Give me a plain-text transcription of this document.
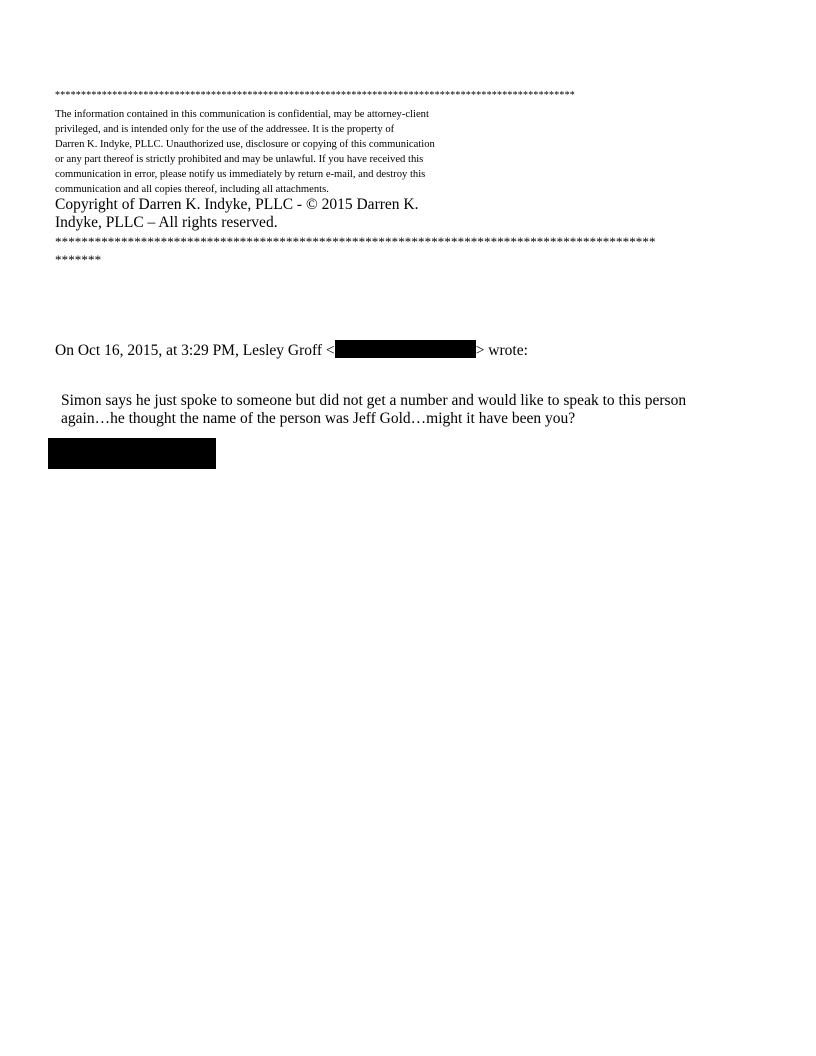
****************************************************************************************************
The information contained in this communication is confidential, may be attorney-client
privileged, and is intended only for the use of the addressee. It is the property of
Darren K. Indyke, PLLC. Unauthorized use, disclosure or copying of this communication
or any part thereof is strictly prohibited and may be unlawful. If you have received this
communication in error, please notify us immediately by return e-mail, and destroy this
communication and all copies thereof, including all attachments.
Copyright of Darren K. Indyke, PLLC - © 2015 Darren K.
Indyke, PLLC – All rights reserved.
*******************************************************************************************
*******
On Oct 16, 2015, at 3:29 PM, Lesley Groff <	> wrote:
Simon says he just spoke to someone but did not get a number and would like to speak to this person
again…he thought the name of the person was Jeff Gold…might it have been you?
